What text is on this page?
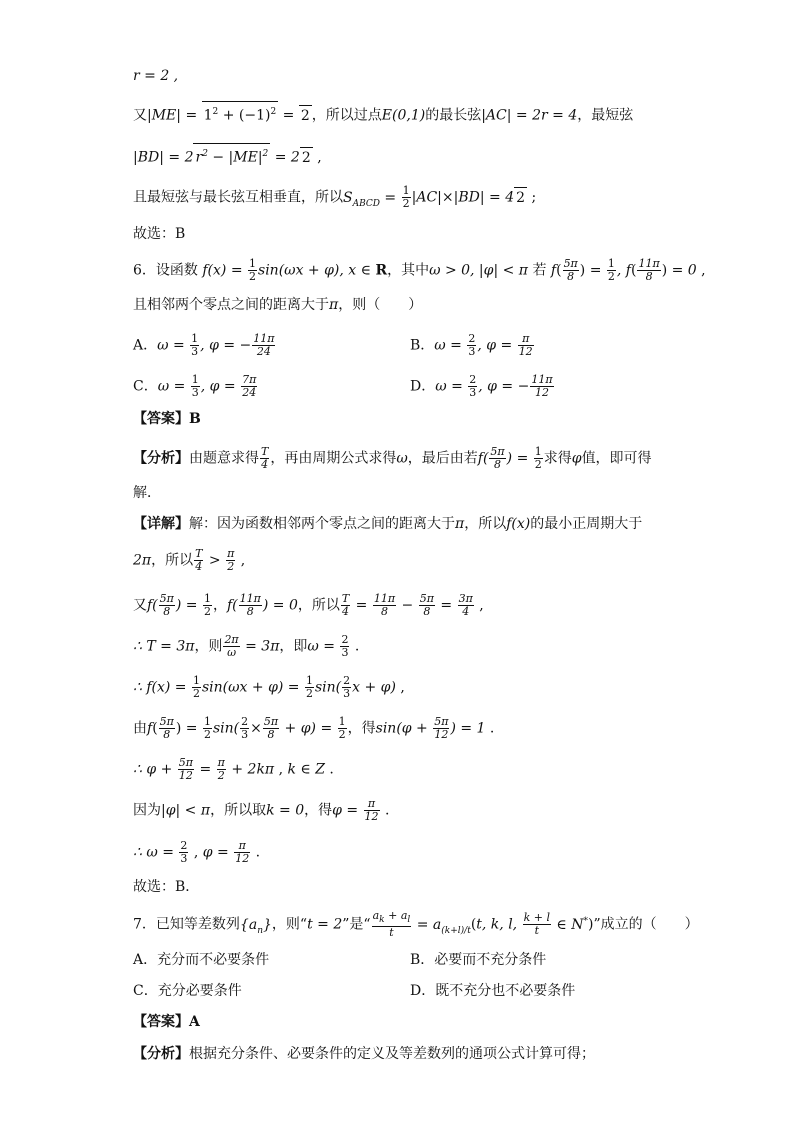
r = 2 ,
又$|ME| = 1^2 + (-1)^2 = 2$ ，所以过点E(0,1)的最长弦|AC| = 2r = 4，最短弦
|BD| = 2 $r^2 - |ME|^2 = 2$ 2 ,
且最短弦与最长弦互相垂直，所以$S_{ABCD} = \frac{1}{2} |AC|\times|BD| = 4$ 2 ;
故选：B
6．设函数 $f(x) = \frac{1}{2} \sin(\omega x + \varphi)$, x ∈ R，其中ω > 0, |φ| < π 若 $f( \frac{5\pi}{8}$ ) = $\frac{1}{2}$ , $f( \frac{11\pi}{8}$ ) = 0 ,
且相邻两个零点之间的距离大于π，则（　　）
A．$\omega = \frac{1}{3}$ , φ = − $\frac{11\pi}{24}$	B．$\omega = \frac{2}{3}$ , $\varphi = \frac{\pi}{12}$
C．$\omega = \frac{1}{3}$ , $\varphi = \frac{7\pi}{24}$	D．$\omega = \frac{2}{3}$ , φ = − $\frac{11\pi}{12}$
【答案】B
【分析】由题意求得 $\frac{T}{4}$ ，再由周期公式求得ω，最后由若$f( \frac{5\pi}{8}$ ) = $\frac{1}{2}$ 求得φ值，即可得
解．
【详解】解：因为函数相邻两个零点之间的距离大于π，所以f(x)的最小正周期大于
2π，所以 $\frac{T}{4} > \frac{\pi}{2}$ ,
又$f( \frac{5\pi}{8}$ ) = $\frac{1}{2}$ ，$f( \frac{11\pi}{8}$ ) = 0，所以 $\frac{T}{4} = \frac{11\pi}{8} - \frac{5\pi}{8} = \frac{3\pi}{4}$ ,
∴ T = 3π，则 $\frac{2\pi}{\omega} = 3\pi$，即$\omega = \frac{2}{3}$ .
∴ $f(x) = \frac{1}{2} \sin(\omega x + \varphi) = \frac{1}{2} \sin( \frac{2}{3}$ x + φ) ,
由$f( \frac{5\pi}{8}$ ) = $\frac{1}{2} \sin( \frac{2}{3} \times \frac{5\pi}{8} + \varphi) = \frac{1}{2}$ ，得$\sin(\varphi + \frac{5\pi}{12}$ ) = 1 .
∴ $\varphi + \frac{5\pi}{12} = \frac{\pi}{2} + 2k\pi$ , k ∈ Z .
因为|φ| < π，所以取k = 0，得$\varphi = \frac{\pi}{12}$ .
∴ $\omega = \frac{2}{3}$ , $\varphi = \frac{\pi}{12}$ .
故选：B．
7．已知等差数列$\{a_n\}$，则“t = 2”是“ $\frac{a_k + a_l}{t} = a_{(k+l)/t}(t$, k, l, $\frac{k + l}{t}$ ∈ N*)”成立的（　　）
A．充分而不必要条件	B．必要而不充分条件
C．充分必要条件	D．既不充分也不必要条件
【答案】A
【分析】根据充分条件、必要条件的定义及等差数列的通项公式计算可得；
